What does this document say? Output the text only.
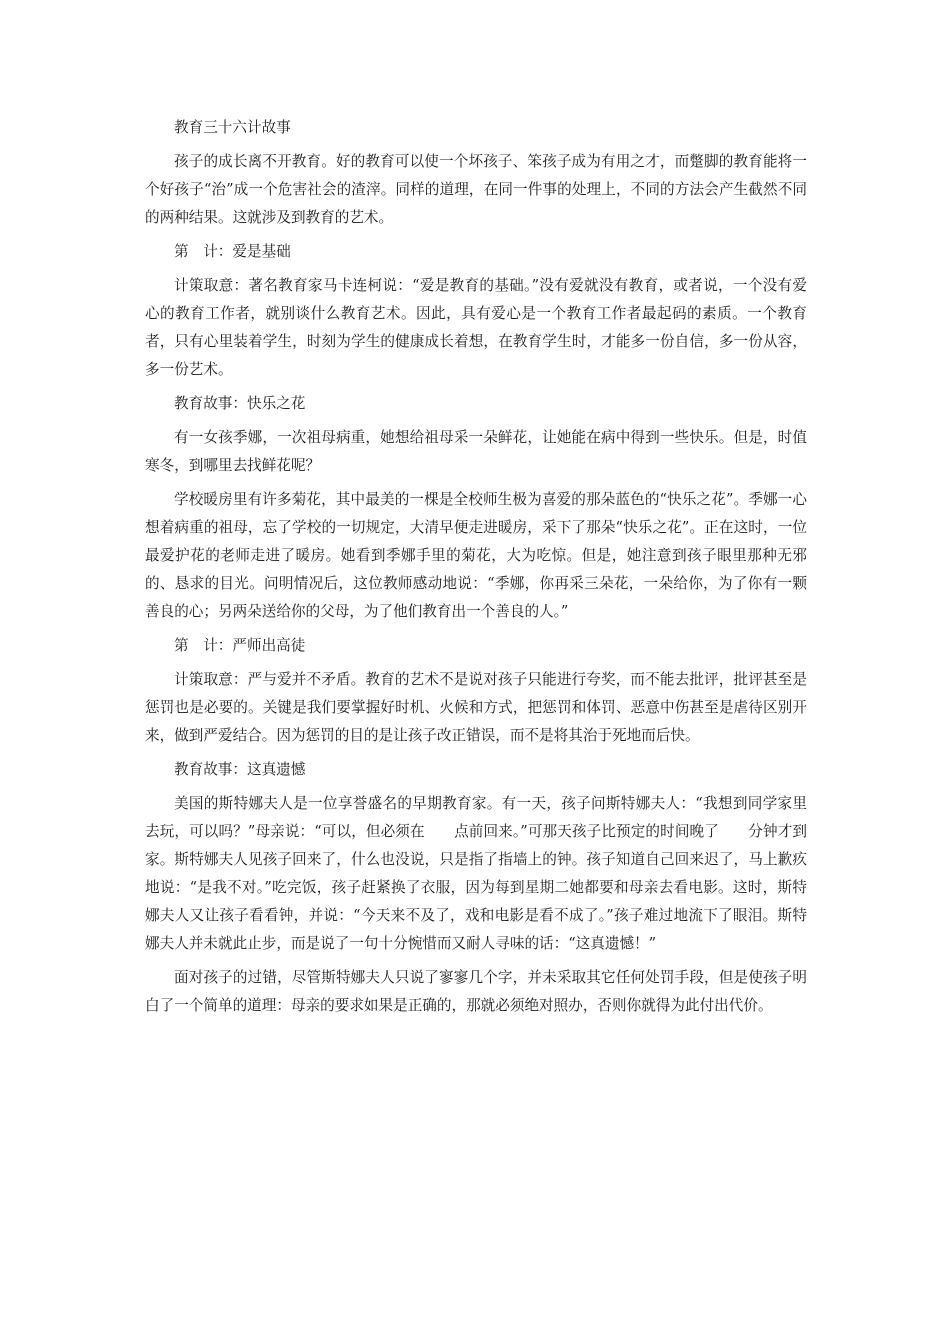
教育三十六计故事

孩子的成长离不开教育。好的教育可以使一个坏孩子、笨孩子成为有用之才，而蹩脚的教育能将一个好孩子“治”成一个危害社会的渣滓。同样的道理，在同一件事的处理上，不同的方法会产生截然不同的两种结果。这就涉及到教育的艺术。

第　计：爱是基础

计策取意：著名教育家马卡连柯说：“爱是教育的基础。”没有爱就没有教育，或者说，一个没有爱心的教育工作者，就别谈什么教育艺术。因此，具有爱心是一个教育工作者最起码的素质。一个教育者，只有心里装着学生，时刻为学生的健康成长着想，在教育学生时，才能多一份自信，多一份从容，多一份艺术。

教育故事：快乐之花

有一女孩季娜，一次祖母病重，她想给祖母采一朵鲜花，让她能在病中得到一些快乐。但是，时值寒冬，到哪里去找鲜花呢？

学校暖房里有许多菊花，其中最美的一棵是全校师生极为喜爱的那朵蓝色的“快乐之花”。季娜一心想着病重的祖母，忘了学校的一切规定，大清早便走进暖房，采下了那朵“快乐之花”。正在这时，一位最爱护花的老师走进了暖房。她看到季娜手里的菊花，大为吃惊。但是，她注意到孩子眼里那种无邪的、恳求的目光。问明情况后，这位教师感动地说：“季娜，你再采三朵花，一朵给你，为了你有一颗善良的心；另两朵送给你的父母，为了他们教育出一个善良的人。”

第　计：严师出高徒

计策取意：严与爱并不矛盾。教育的艺术不是说对孩子只能进行夸奖，而不能去批评，批评甚至是惩罚也是必要的。关键是我们要掌握好时机、火候和方式，把惩罚和体罚、恶意中伤甚至是虐待区别开来，做到严爱结合。因为惩罚的目的是让孩子改正错误，而不是将其治于死地而后快。

教育故事：这真遗憾

美国的斯特娜夫人是一位享誉盛名的早期教育家。有一天，孩子问斯特娜夫人：“我想到同学家里去玩，可以吗？”母亲说：“可以，但必须在　　点前回来。”可那天孩子比预定的时间晚了　　分钟才到家。斯特娜夫人见孩子回来了，什么也没说，只是指了指墙上的钟。孩子知道自己回来迟了，马上歉疚地说：“是我不对。”吃完饭，孩子赶紧换了衣服，因为每到星期二她都要和母亲去看电影。这时，斯特娜夫人又让孩子看看钟，并说：“今天来不及了，戏和电影是看不成了。”孩子难过地流下了眼泪。斯特娜夫人并未就此止步，而是说了一句十分惋惜而又耐人寻味的话：“这真遗憾！”

面对孩子的过错，尽管斯特娜夫人只说了寥寥几个字，并未采取其它任何处罚手段，但是使孩子明白了一个简单的道理：母亲的要求如果是正确的，那就必须绝对照办，否则你就得为此付出代价。
